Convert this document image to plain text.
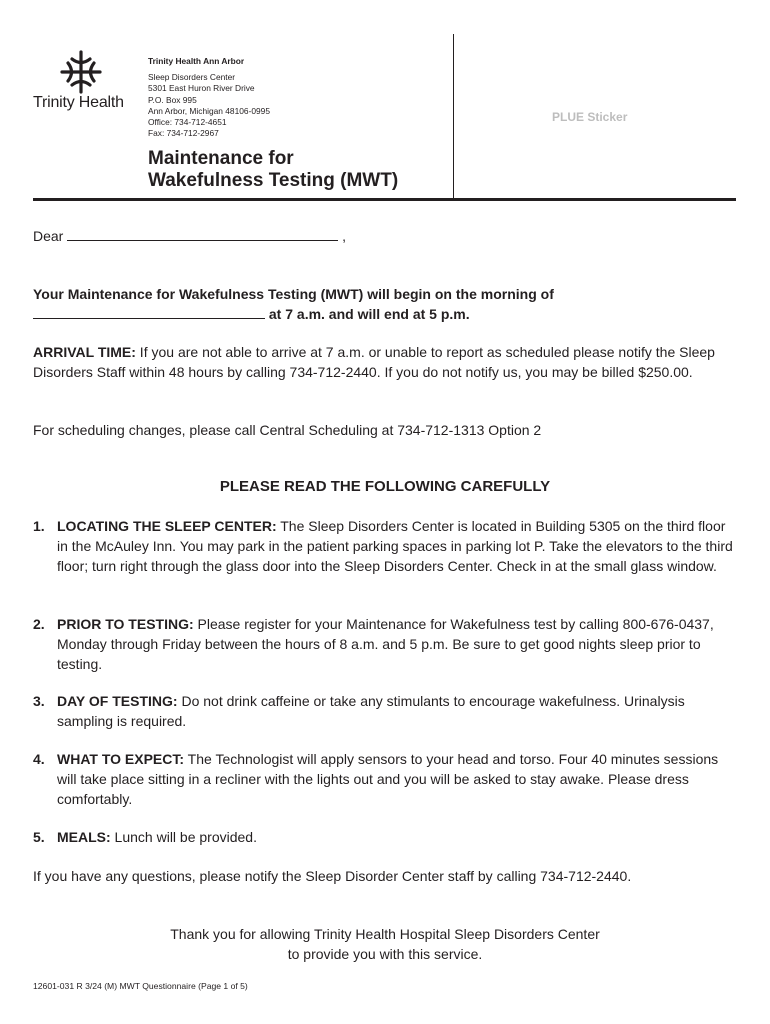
Trinity Health
Trinity Health Ann Arbor
Sleep Disorders Center
5301 East Huron River Drive
P.O. Box 995
Ann Arbor, Michigan 48106-0995
Office: 734-712-4651
Fax: 734-712-2967
Maintenance for
Wakefulness Testing (MWT)
PLUE Sticker
Dear	,
Your Maintenance for Wakefulness Testing (MWT) will begin on the morning of
at 7 a.m. and will end at 5 p.m.
ARRIVAL TIME: If you are not able to arrive at 7 a.m. or unable to report as scheduled please notify the Sleep Disorders Staff within 48 hours by calling 734-712-2440. If you do not notify us, you may be billed $250.00.
For scheduling changes, please call Central Scheduling at 734-712-1313 Option 2
PLEASE READ THE FOLLOWING CAREFULLY
1. LOCATING THE SLEEP CENTER: The Sleep Disorders Center is located in Building 5305 on the third floor in the McAuley Inn. You may park in the patient parking spaces in parking lot P. Take the elevators to the third floor; turn right through the glass door into the Sleep Disorders Center. Check in at the small glass window.
2. PRIOR TO TESTING: Please register for your Maintenance for Wakefulness test by calling 800-676-0437, Monday through Friday between the hours of 8 a.m. and 5 p.m. Be sure to get good nights sleep prior to testing.
3. DAY OF TESTING: Do not drink caffeine or take any stimulants to encourage wakefulness. Urinalysis sampling is required.
4. WHAT TO EXPECT: The Technologist will apply sensors to your head and torso. Four 40 minutes sessions will take place sitting in a recliner with the lights out and you will be asked to stay awake. Please dress comfortably.
5. MEALS: Lunch will be provided.
If you have any questions, please notify the Sleep Disorder Center staff by calling 734-712-2440.
Thank you for allowing Trinity Health Hospital Sleep Disorders Center
to provide you with this service.
12601-031 R 3/24 (M) MWT Questionnaire (Page 1 of 5)
